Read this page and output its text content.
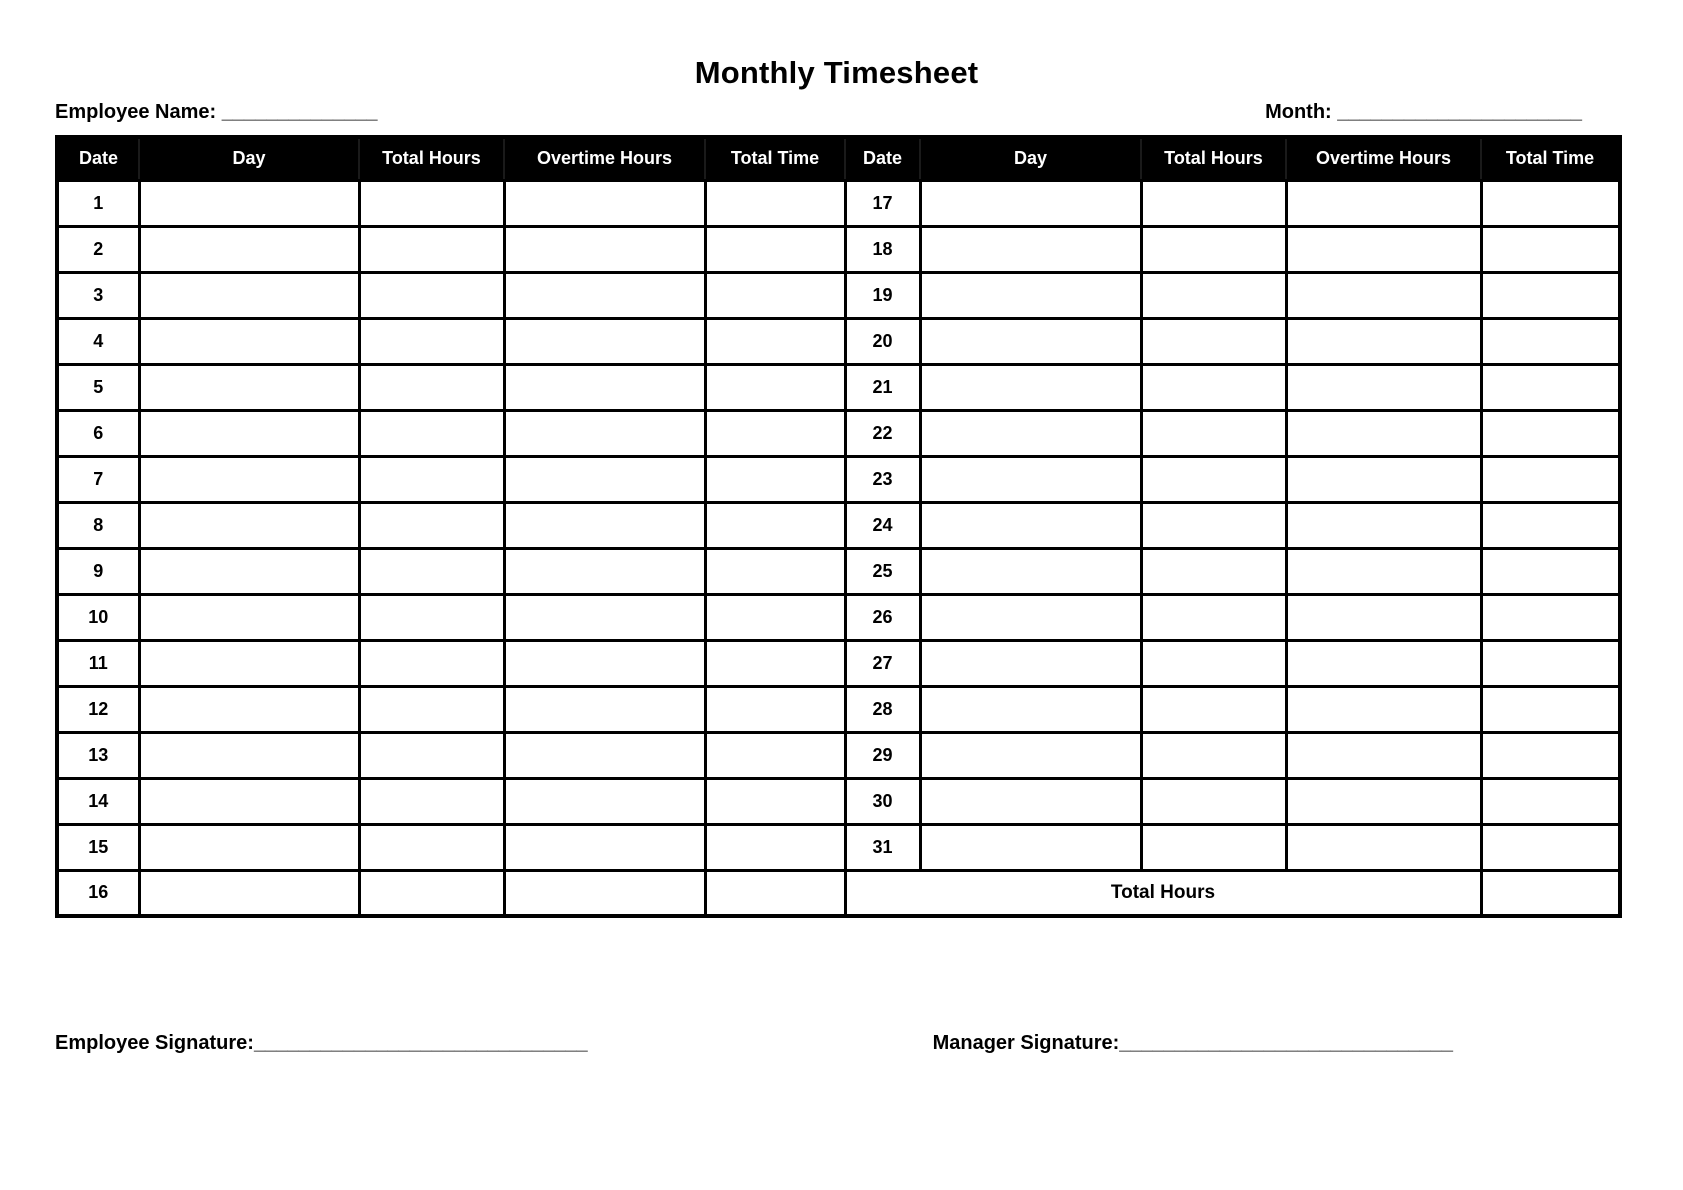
Monthly Timesheet
Employee Name: ______________	Month: ______________________
Date	Day	Total Hours	Overtime Hours	Total Time	Date	Day	Total Hours	Overtime Hours	Total Time
1					17				
2					18				
3					19				
4					20				
5					21				
6					22				
7					23				
8					24				
9					25				
10					26				
11					27				
12					28				
13					29				
14					30				
15					31				
16					Total Hours				
Employee Signature:______________________________	Manager Signature:______________________________
